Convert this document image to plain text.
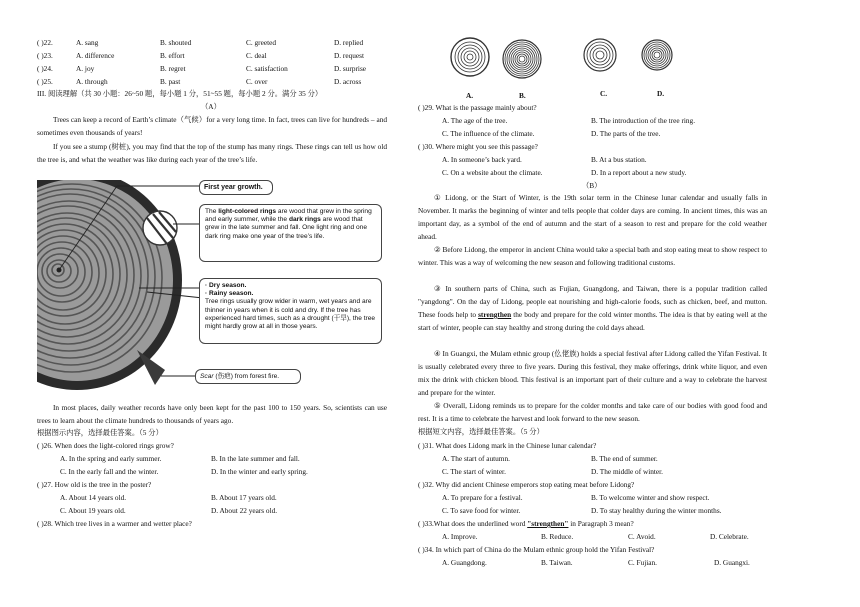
( )22.	A. sang	B. shouted	C. greeted	D. replied
( )23.	A. difference	B. effort	C. deal	D. request
( )24.	A. joy	B. regret	C. satisfaction	D. surprise
( )25.	A. through	B. past	C. over	D. across
III. 阅读理解（共 30 小题：26~50 题，每小题 1 分，51~55 题，每小题 2 分。满分 35 分）
（A）

Trees can keep a record of Earth’s climate（气候）for a very long time. In fact, trees can live for hundreds – and sometimes even thousands of years!

If you see a stump (树桩), you may find that the top of the stump has many rings. These rings can tell us how old the tree is, and what the weather was like during each year of the tree’s life.

First year growth.
The light-colored rings are wood that grew in the spring and early summer, while the dark rings are wood that grew in the late summer and fall. One light ring and one dark ring make one year of the tree’s life.
· Dry season.
· Rainy season.
Tree rings usually grow wider in warm, wet years and are thinner in years when it is cold and dry. If the tree has experienced hard times, such as a drought (干旱), the tree might hardly grow at all in those years.
Scar (伤疤) from forest fire.

In most places, daily weather records have only been kept for the past 100 to 150 years. So, scientists can use trees to learn about the climate hundreds to thousands of years ago.

根据图示内容，选择最佳答案。（5 分）
( )26. When does the light-colored rings grow?
A. In the spring and early summer.	B. In the late summer and fall.
C. In the early fall and the winter.	D. In the winter and early spring.
( )27. How old is the tree in the poster?
A. About 14 years old.	B. About 17 years old.
C. About 19 years old.	D. About 22 years old.
( )28. Which tree lives in a warmer and wetter place?
A.	B.	C.	D.
( )29. What is the passage mainly about?
A. The age of the tree.	B. The introduction of the tree ring.
C. The influence of the climate.	D. The parts of the tree.
( )30. Where might you see this passage?
A. In someone’s back yard.	B. At a bus station.
C. On a website about the climate.	D. In a report about a new study.
（B）

① Lidong, or the Start of Winter, is the 19th solar term in the Chinese lunar calendar and usually falls in November. It marks the beginning of winter and tells people that colder days are coming. In ancient times, this was an important day, as a symbol of the end of autumn and the start of a season to rest and prepare for the cold weather ahead.

② Before Lidong, the emperor in ancient China would take a special bath and stop eating meat to show respect to winter. This was a way of welcoming the new season and following traditional customs.

③ In southern parts of China, such as Fujian, Guangdong, and Taiwan, there is a popular tradition called "yangdong". On the day of Lidong, people eat nourishing and high-calorie foods, such as chicken, beef, and mutton. These foods help to strengthen the body and prepare for the cold winter months. The idea is that by eating well at the start of winter, people can stay healthy and strong during the cold days ahead.

④ In Guangxi, the Mulam ethnic group (仫佬族) holds a special festival after Lidong called the Yifan Festival. It is usually celebrated every three to five years. During this festival, they make offerings, drink white liquor, and even mix the drink with chicken blood. This festival is an important part of their culture and a way to celebrate the harvest and prepare for the winter.

⑤ Overall, Lidong reminds us to prepare for the colder months and take care of our bodies with good food and rest. It is a time to celebrate the harvest and look forward to the new season.

根据短文内容，选择最佳答案。（5 分）
( )31. What does Lidong mark in the Chinese lunar calendar?
A. The start of autumn.	B. The end of summer.
C. The start of winter.	D. The middle of winter.
( )32. Why did ancient Chinese emperors stop eating meat before Lidong?
A. To prepare for a festival.	B. To welcome winter and show respect.
C. To save food for winter.	D. To stay healthy during the winter months.
( )33.What does the underlined word "strengthen" in Paragraph 3 mean?
A. Improve.	B. Reduce.	C. Avoid.	D. Celebrate.
( )34. In which part of China do the Mulam ethnic group hold the Yifan Festival?
A. Guangdong.	B. Taiwan.	C. Fujian.	D. Guangxi.
